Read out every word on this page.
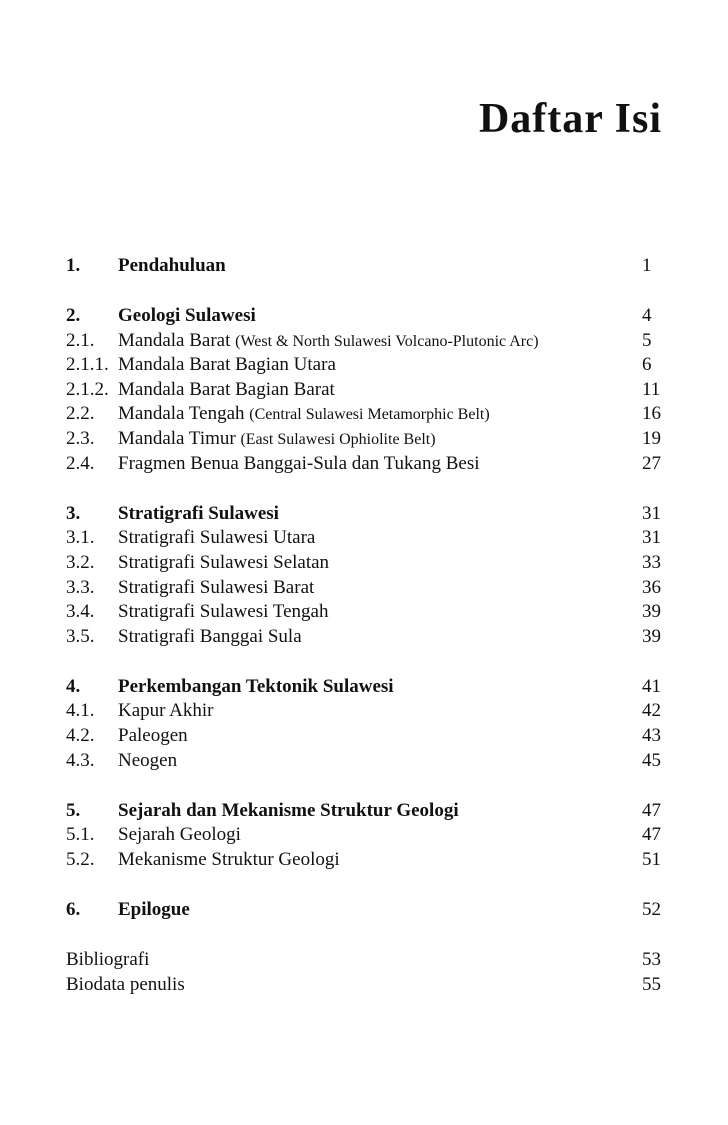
Daftar Isi
1. Pendahuluan	1
2. Geologi Sulawesi	4
2.1. Mandala Barat (West & North Sulawesi Volcano-Plutonic Arc)	5
2.1.1. Mandala Barat Bagian Utara	6
2.1.2. Mandala Barat Bagian Barat	11
2.2. Mandala Tengah (Central Sulawesi Metamorphic Belt)	16
2.3. Mandala Timur (East Sulawesi Ophiolite Belt)	19
2.4. Fragmen Benua Banggai-Sula dan Tukang Besi	27
3. Stratigrafi Sulawesi	31
3.1. Stratigrafi Sulawesi Utara	31
3.2. Stratigrafi Sulawesi Selatan	33
3.3. Stratigrafi Sulawesi Barat	36
3.4. Stratigrafi Sulawesi Tengah	39
3.5. Stratigrafi Banggai Sula	39
4. Perkembangan Tektonik Sulawesi	41
4.1. Kapur Akhir	42
4.2. Paleogen	43
4.3. Neogen	45
5. Sejarah dan Mekanisme Struktur Geologi	47
5.1. Sejarah Geologi	47
5.2. Mekanisme Struktur Geologi	51
6. Epilogue	52
Bibliografi	53
Biodata penulis	55
